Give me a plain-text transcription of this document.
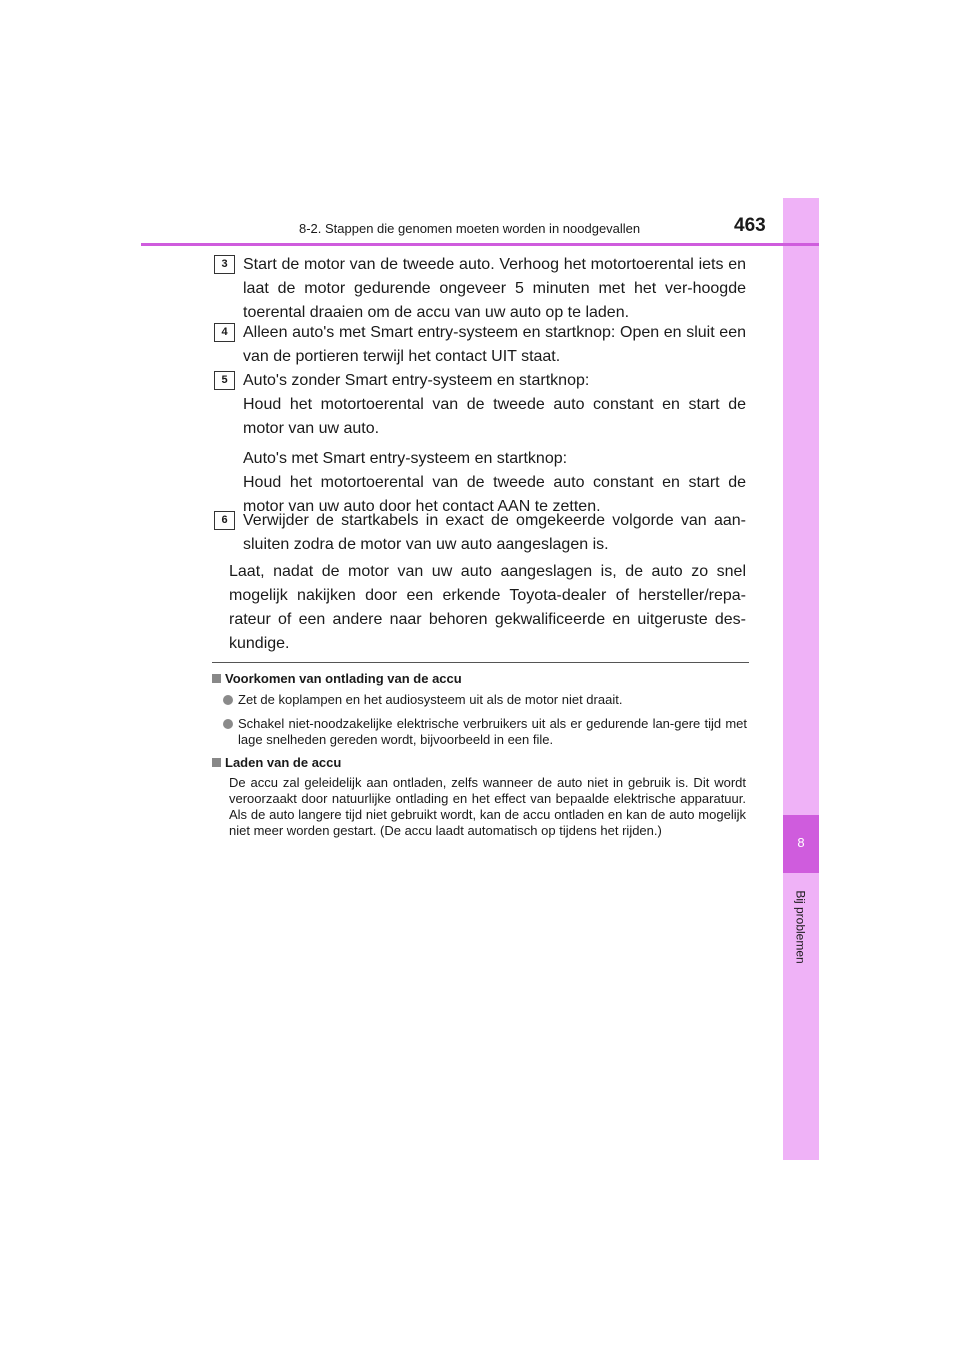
8
Bij problemen
8-2. Stappen die genomen moeten worden in noodgevallen	463
3 Start de motor van de tweede auto. Verhoog het motortoerental iets en laat de motor gedurende ongeveer 5 minuten met het ver-hoogde toerental draaien om de accu van uw auto op te laden.

4 Alleen auto's met Smart entry-systeem en startknop: Open en sluit een van de portieren terwijl het contact UIT staat.

5 Auto's zonder Smart entry-systeem en startknop:

Houd het motortoerental van de tweede auto constant en start de motor van uw auto.

Auto's met Smart entry-systeem en startknop:

Houd het motortoerental van de tweede auto constant en start de motor van uw auto door het contact AAN te zetten.

6 Verwijder de startkabels in exact de omgekeerde volgorde van aan-sluiten zodra de motor van uw auto aangeslagen is.

Laat, nadat de motor van uw auto aangeslagen is, de auto zo snel mogelijk nakijken door een erkende Toyota-dealer of hersteller/repa-rateur of een andere naar behoren gekwalificeerde en uitgeruste des-kundige.

Voorkomen van ontlading van de accu
Zet de koplampen en het audiosysteem uit als de motor niet draait.
Schakel niet-noodzakelijke elektrische verbruikers uit als er gedurende lan-gere tijd met lage snelheden gereden wordt, bijvoorbeeld in een file.
Laden van de accu

De accu zal geleidelijk aan ontladen, zelfs wanneer de auto niet in gebruik is. Dit wordt veroorzaakt door natuurlijke ontlading en het effect van bepaalde elektrische apparatuur. Als de auto langere tijd niet gebruikt wordt, kan de accu ontladen en kan de auto mogelijk niet meer worden gestart. (De accu laadt automatisch op tijdens het rijden.)
